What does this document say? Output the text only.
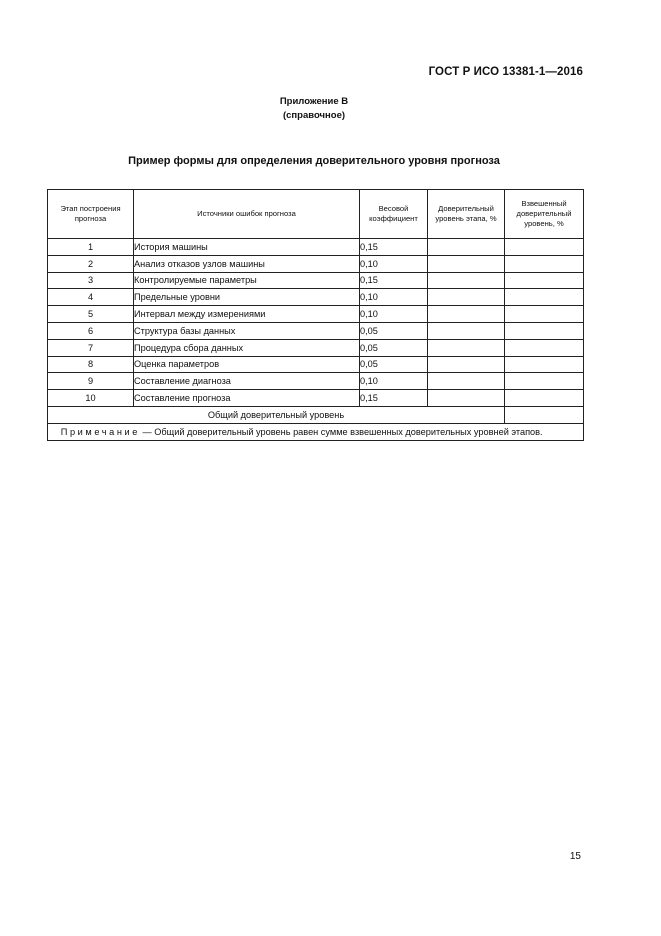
ГОСТ Р ИСО 13381-1—2016
Приложение В
(справочное)
Пример формы для определения доверительного уровня прогноза
Этап построения прогноза	Источники ошибок прогноза	Весовой коэффициент	Доверительный уровень этапа, %	Взвешенный доверительный уровень, %
1	История машины	0,15		
2	Анализ отказов узлов машины	0,10		
3	Контролируемые параметры	0,15		
4	Предельные уровни	0,10		
5	Интервал между измерениями	0,10		
6	Структура базы данных	0,05		
7	Процедура сбора данных	0,05		
8	Оценка параметров	0,05		
9	Составление диагноза	0,10		
10	Составление прогноза	0,15		
Общий доверительный уровень				
Примечание — Общий доверительный уровень равен сумме взвешенных доверительных уровней этапов.				
15
